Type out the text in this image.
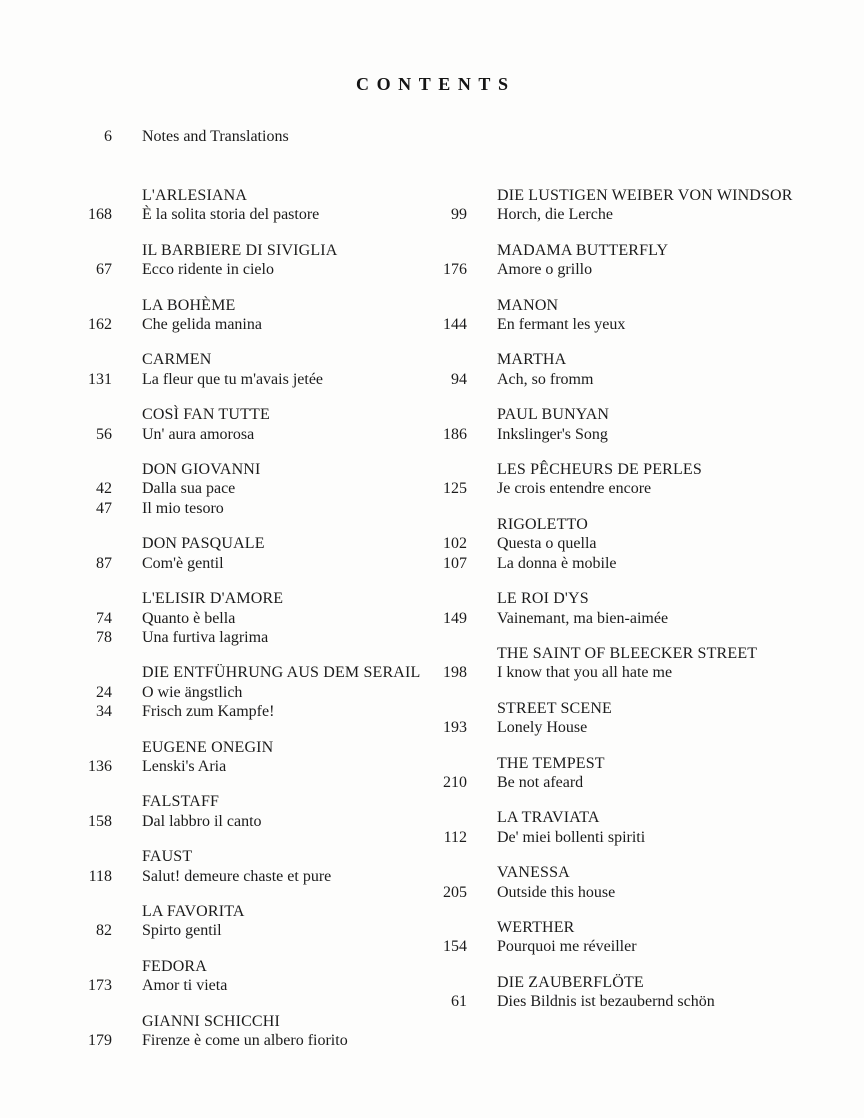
CONTENTS
6 Notes and Translations
L'ARLESIANA
168 È la solita storia del pastore
IL BARBIERE DI SIVIGLIA
67 Ecco ridente in cielo
LA BOHÈME
162 Che gelida manina
CARMEN
131 La fleur que tu m'avais jetée
COSÌ FAN TUTTE
56 Un' aura amorosa
DON GIOVANNI
42 Dalla sua pace
47 Il mio tesoro
DON PASQUALE
87 Com'è gentil
L'ELISIR D'AMORE
74 Quanto è bella
78 Una furtiva lagrima
DIE ENTFÜHRUNG AUS DEM SERAIL
24 O wie ängstlich
34 Frisch zum Kampfe!
EUGENE ONEGIN
136 Lenski's Aria
FALSTAFF
158 Dal labbro il canto
FAUST
118 Salut! demeure chaste et pure
LA FAVORITA
82 Spirto gentil
FEDORA
173 Amor ti vieta
GIANNI SCHICCHI
179 Firenze è come un albero fiorito
DIE LUSTIGEN WEIBER VON WINDSOR
99 Horch, die Lerche
MADAMA BUTTERFLY
176 Amore o grillo
MANON
144 En fermant les yeux
MARTHA
94 Ach, so fromm
PAUL BUNYAN
186 Inkslinger's Song
LES PÊCHEURS DE PERLES
125 Je crois entendre encore
RIGOLETTO
102 Questa o quella
107 La donna è mobile
LE ROI D'YS
149 Vainemant, ma bien-aimée
THE SAINT OF BLEECKER STREET
198 I know that you all hate me
STREET SCENE
193 Lonely House
THE TEMPEST
210 Be not afeard
LA TRAVIATA
112 De' miei bollenti spiriti
VANESSA
205 Outside this house
WERTHER
154 Pourquoi me réveiller
DIE ZAUBERFLÖTE
61 Dies Bildnis ist bezaubernd schön
